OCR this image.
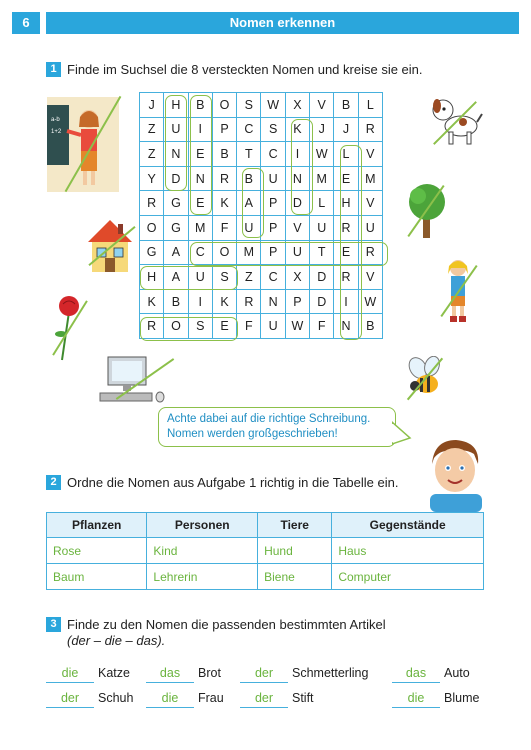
6	Nomen erkennen
1 Finde im Suchsel die 8 versteckten Nomen und kreise sie ein.
J	H	B	O	S	W	X	V	B	L
Z	U	I	P	C	S	K	J	J	R
Z	N	E	B	T	C	I	W	L	V
Y	D	N	R	B	U	N	M	E	M
R	G	E	K	A	P	D	L	H	V
O	G	M	F	U	P	V	U	R	U
G	A	C	O	M	P	U	T	E	R
H	A	U	S	Z	C	X	D	R	V
K	B	I	K	R	N	P	D	I	W
R	O	S	E	F	U	W	F	N	B
a-b
1+2
Achte dabei auf die richtige Schreibung. Nomen werden großgeschrieben!
2 Ordne die Nomen aus Aufgabe 1 richtig in die Tabelle ein.
Pflanzen	Personen	Tiere	Gegenstände
Rose	Kind	Hund	Haus
Baum	Lehrerin	Biene	Computer
3 Finde zu den Nomen die passenden bestimmten Artikel
(der – die – das).
die	Katze	das	Brot	der	Schmetterling	das	Auto
der	Schuh	die	Frau	der	Stift	die	Blume
